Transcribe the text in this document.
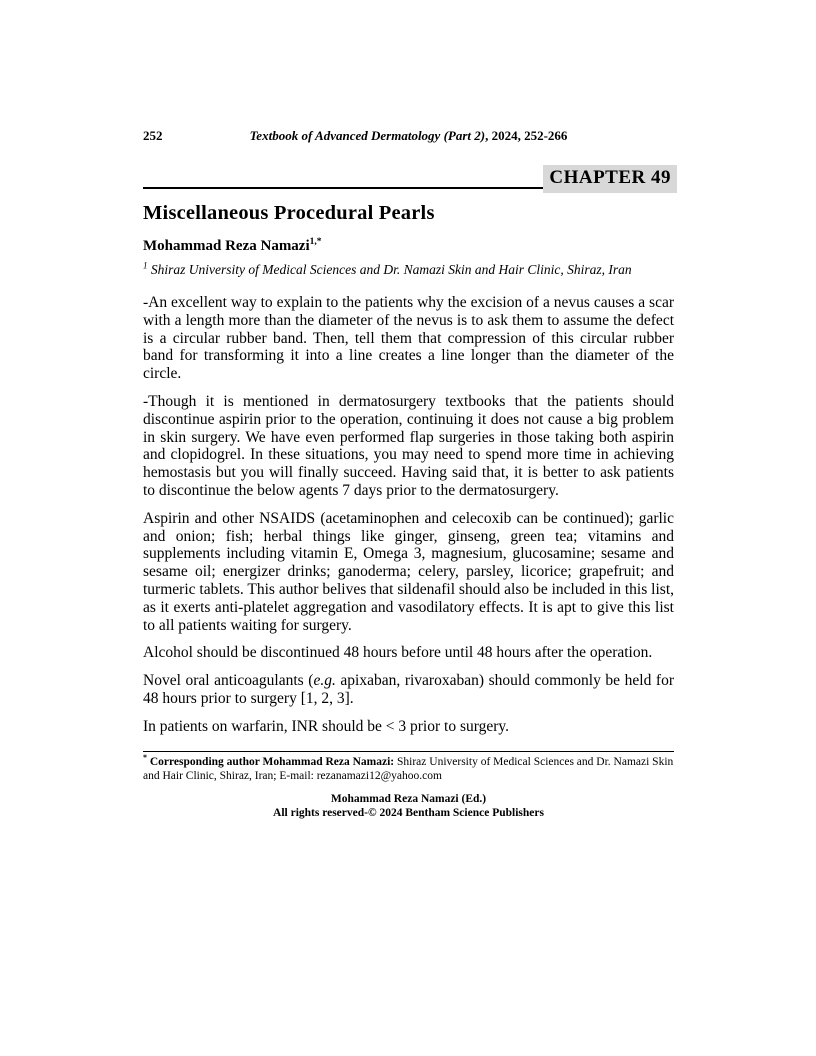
252	Textbook of Advanced Dermatology (Part 2), 2024, 252-266
CHAPTER 49
Miscellaneous Procedural Pearls
Mohammad Reza Namazi$^{1,*}$
$^1$ Shiraz University of Medical Sciences and Dr. Namazi Skin and Hair Clinic, Shiraz, Iran

-An excellent way to explain to the patients why the excision of a nevus causes a scar with a length more than the diameter of the nevus is to ask them to assume the defect is a circular rubber band. Then, tell them that compression of this circular rubber band for transforming it into a line creates a line longer than the diameter of the circle.

-Though it is mentioned in dermatosurgery textbooks that the patients should discontinue aspirin prior to the operation, continuing it does not cause a big problem in skin surgery. We have even performed flap surgeries in those taking both aspirin and clopidogrel. In these situations, you may need to spend more time in achieving hemostasis but you will finally succeed. Having said that, it is better to ask patients to discontinue the below agents 7 days prior to the dermatosurgery.

Aspirin and other NSAIDS (acetaminophen and celecoxib can be continued); garlic and onion; fish; herbal things like ginger, ginseng, green tea; vitamins and supplements including vitamin E, Omega 3, magnesium, glucosamine; sesame and sesame oil; energizer drinks; ganoderma; celery, parsley, licorice; grapefruit; and turmeric tablets. This author belives that sildenafil should also be included in this list, as it exerts anti-platelet aggregation and vasodilatory effects. It is apt to give this list to all patients waiting for surgery.

Alcohol should be discontinued 48 hours before until 48 hours after the operation.

Novel oral anticoagulants (e.g. apixaban, rivaroxaban) should commonly be held for 48 hours prior to surgery [1, 2, 3].

In patients on warfarin, INR should be < 3 prior to surgery.

* Corresponding author Mohammad Reza Namazi: Shiraz University of Medical Sciences and Dr. Namazi Skin and Hair Clinic, Shiraz, Iran; E-mail: rezanamazi12@yahoo.com
Mohammad Reza Namazi (Ed.)
All rights reserved-© 2024 Bentham Science Publishers
